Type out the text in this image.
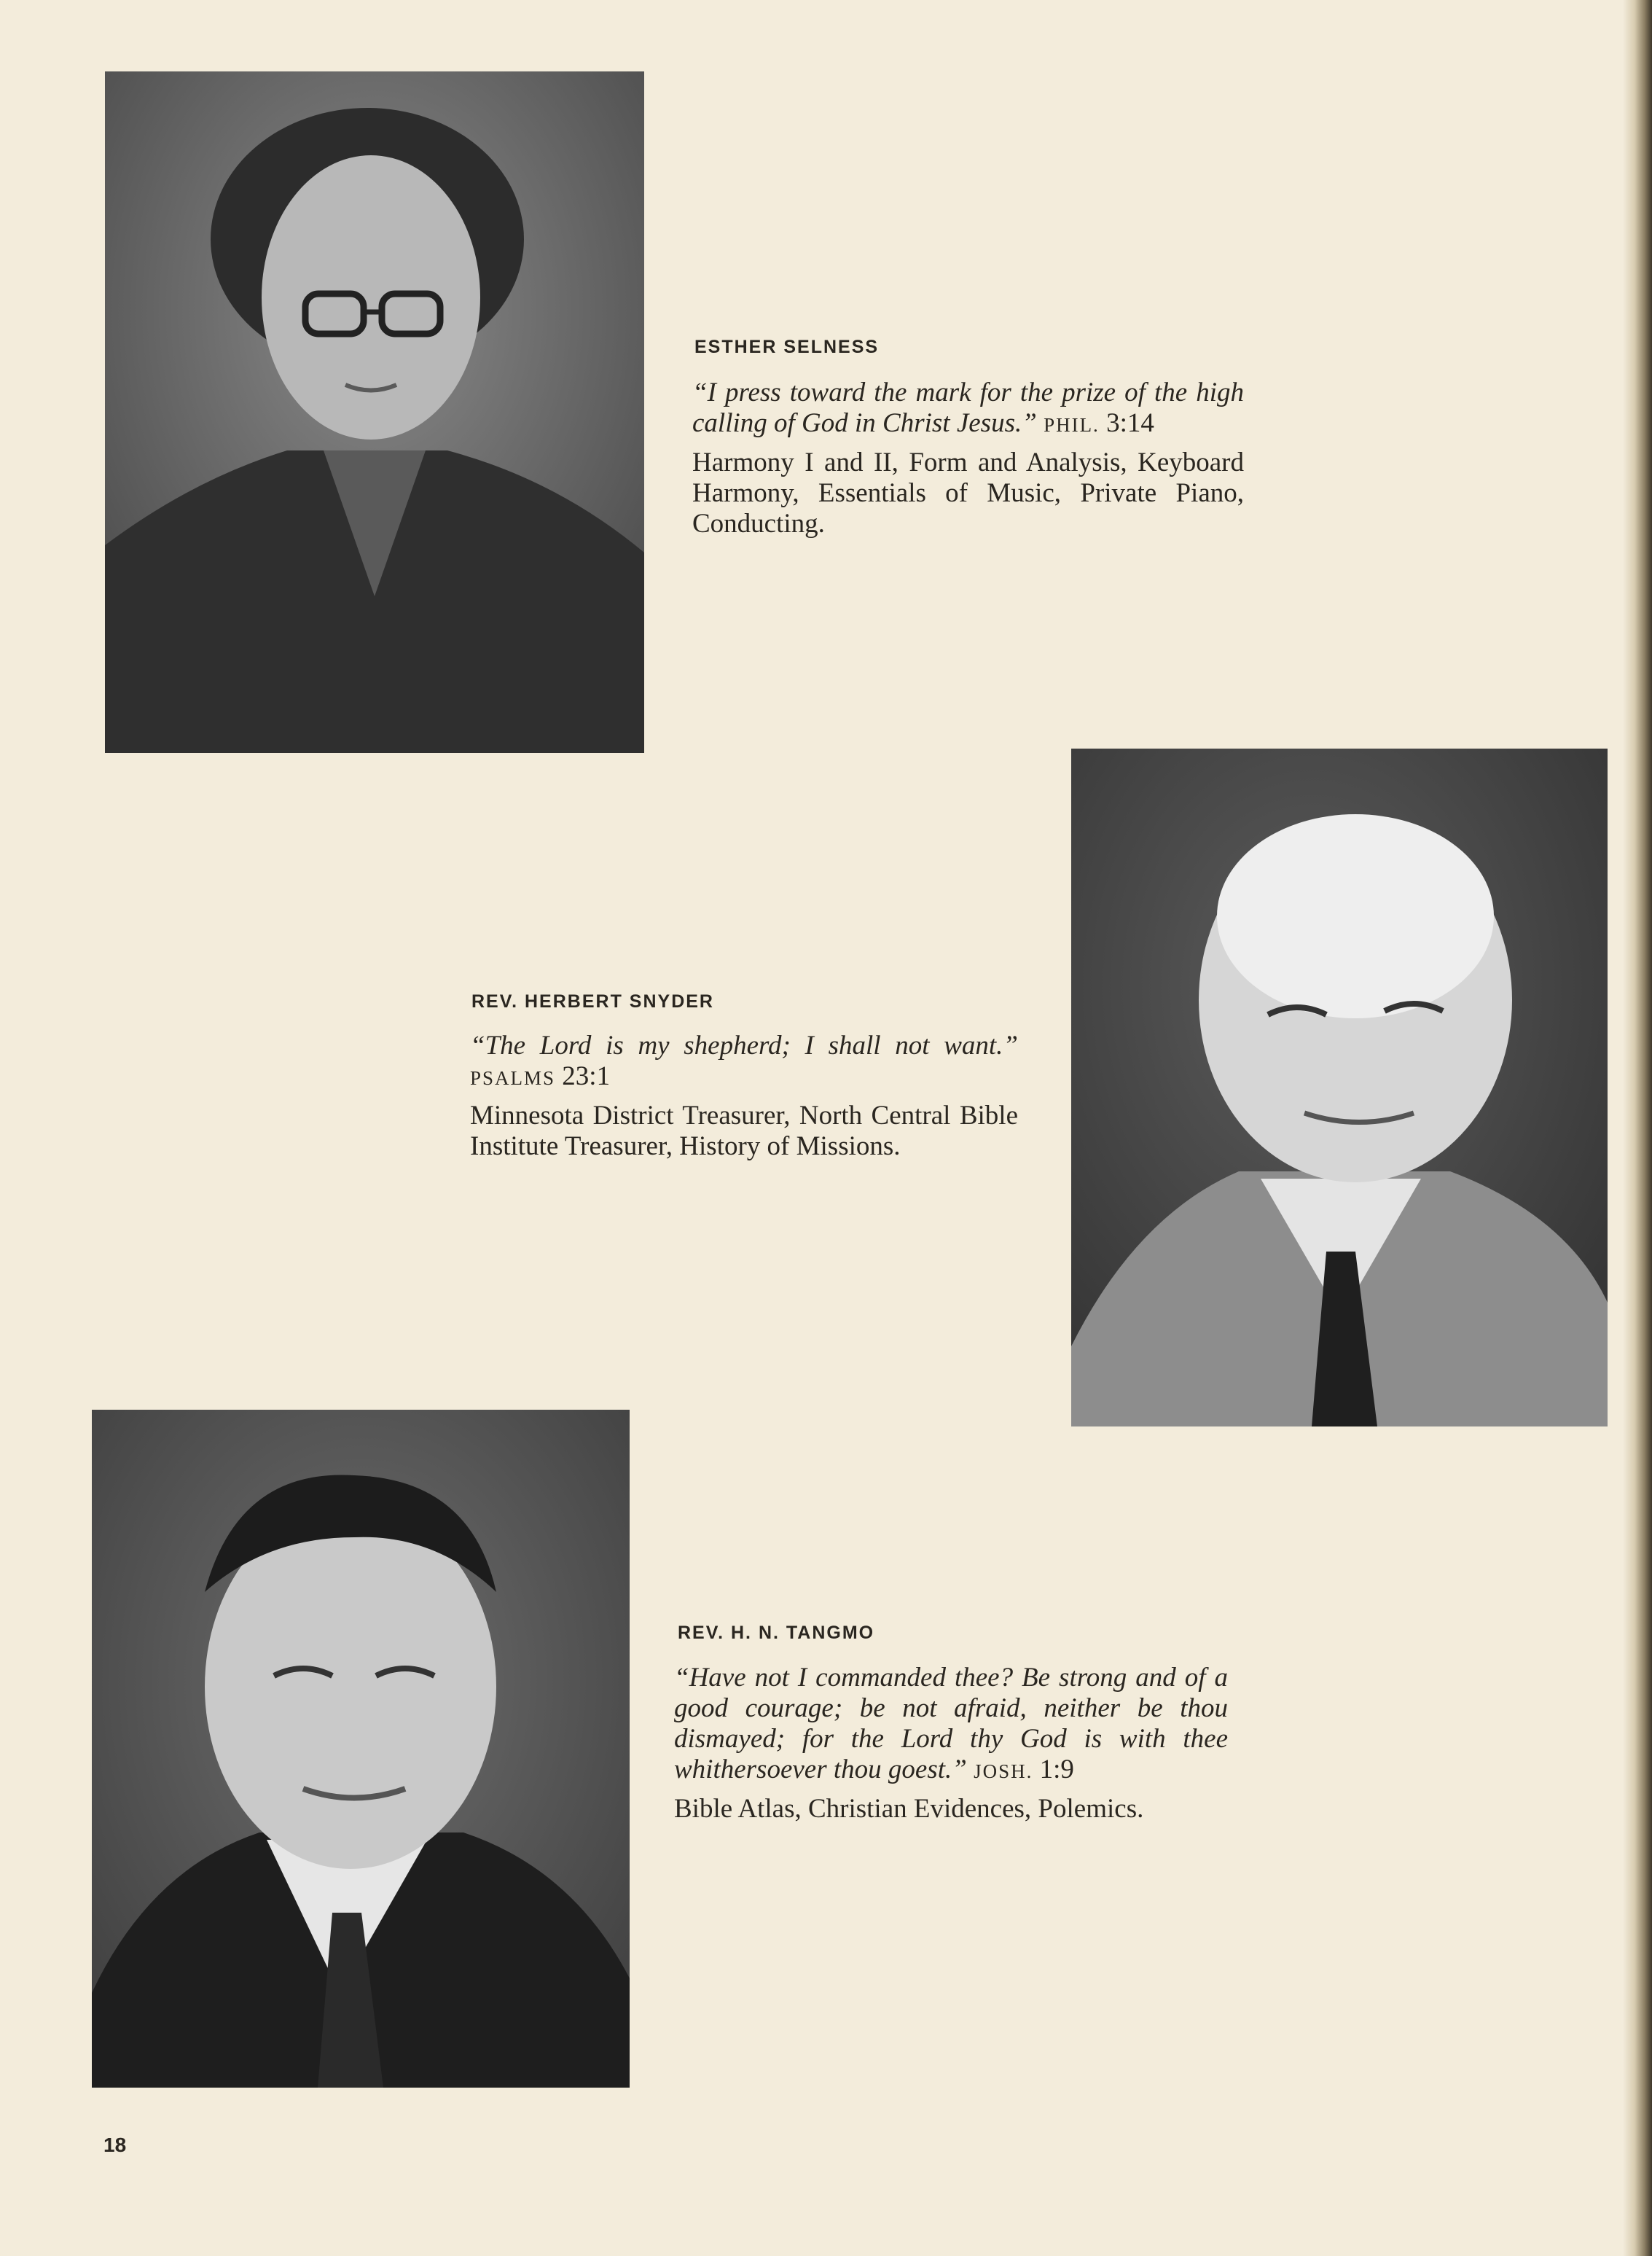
ESTHER SELNESS
“I press toward the mark for the prize of the high calling of God in Christ Jesus.” PHIL. 3:14
Harmony I and II, Form and Analysis, Keyboard Harmony, Essentials of Music, Private Piano, Conducting.
REV. HERBERT SNYDER
“The Lord is my shepherd; I shall not want.” PSALMS 23:1
Minnesota District Treasurer, North Central Bible Institute Treasurer, History of Missions.
REV. H. N. TANGMO
“Have not I commanded thee? Be strong and of a good courage; be not afraid, neither be thou dismayed; for the Lord thy God is with thee whithersoever thou goest.” JOSH. 1:9
Bible Atlas, Christian Evidences, Polemics.
18
